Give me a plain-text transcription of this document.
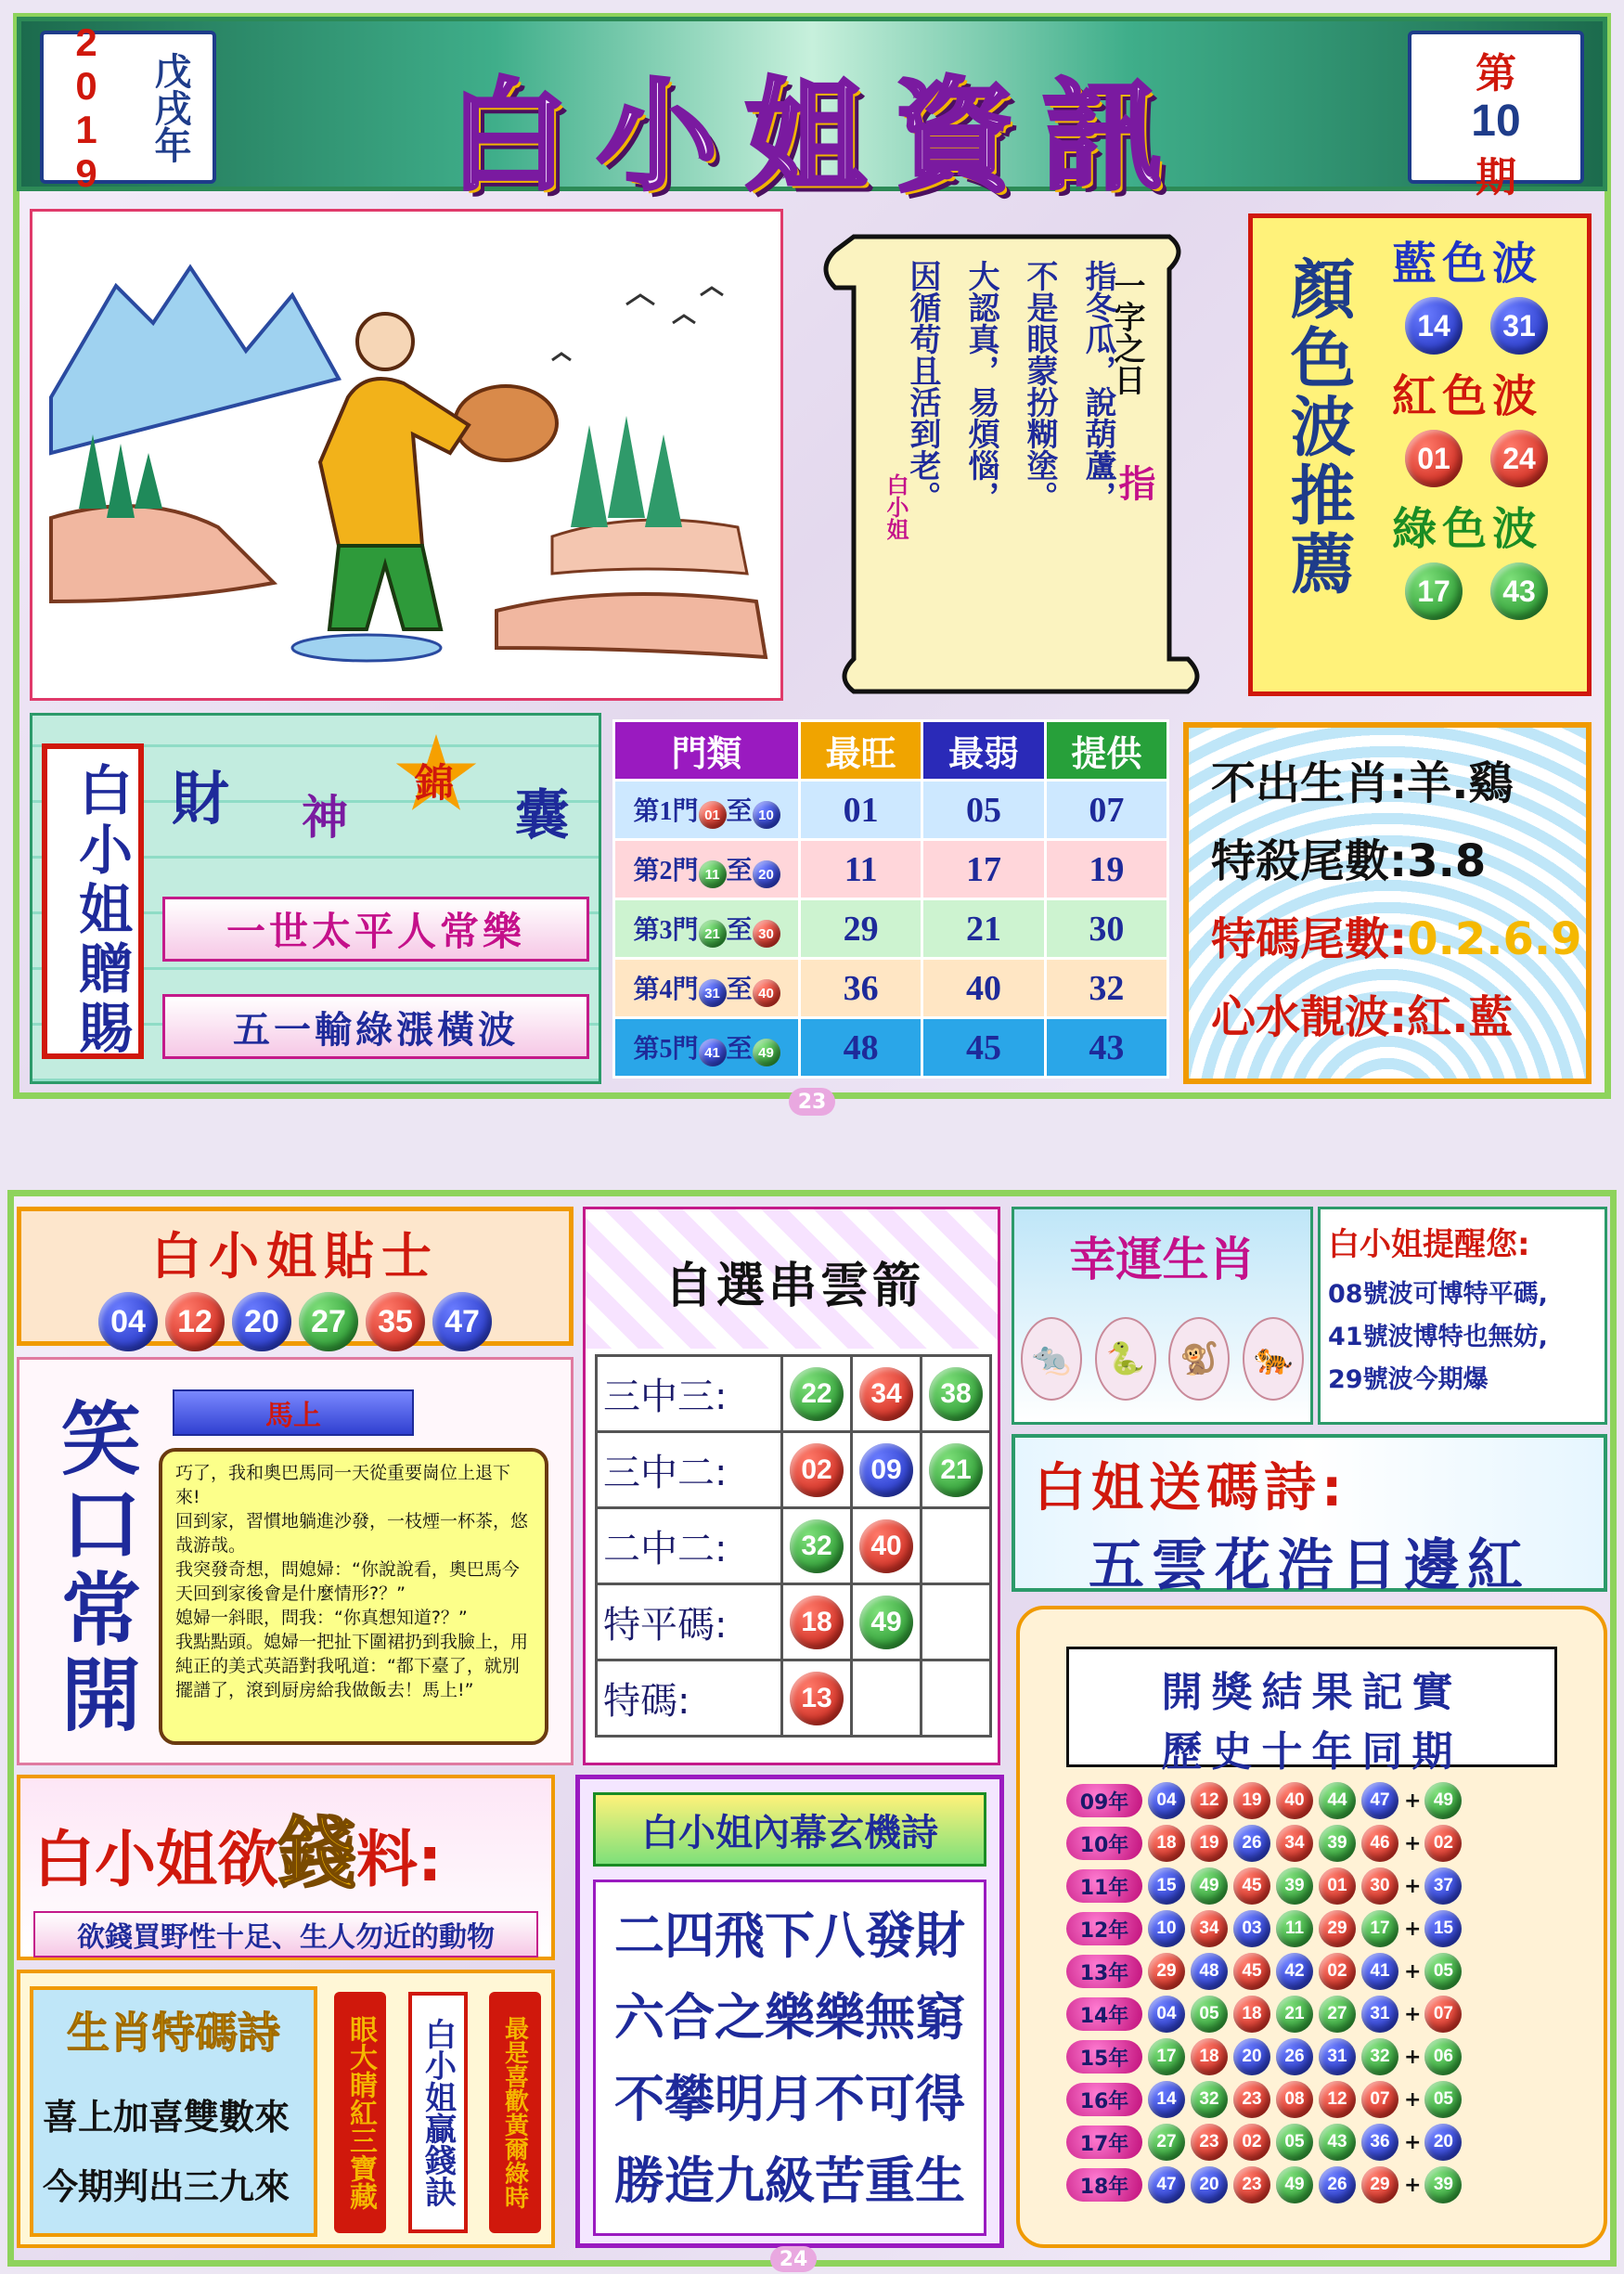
2019	戊戌年	白小姐資訊	第
10
期
一字之日
指
指冬瓜，說葫蘆，
不是眼蒙扮糊塗。
大認真，易煩惱，
因循苟且活到老。
白小姐	顏色波推薦 藍色波
14	31
紅色波
01	24
綠色波
17	43
白小姐贈賜 財 神
錦
囊
一世太平人常樂
五一輸綠漲橫波
門類	最旺	最弱	提供
第1門 01 至 10	01	05	07
第2門 11 至 20	11	17	19
第3門 21 至 30	29	21	30
第4門 31 至 40	36	40	32
第5門 41 至 49	48	45	43
不出生肖:羊.鷄
特殺尾數:3.8
特碼尾數:0.2.6.9
心水靚波:紅.藍
23
白小姐貼士
04	12	20	27	35	47
笑口常開	馬上
巧了，我和奧巴馬同一天從重要崗位上退下來!
回到家，習慣地躺進沙發，一枝煙一杯茶，悠哉游哉。
我突發奇想，問媳婦：“你說說看，奧巴馬今天回到家後會是什麼情形?？”
媳婦一斜眼，問我：“你真想知道?？”
我點點頭。媳婦一把扯下圍裙扔到我臉上，用純正的美式英語對我吼道：“都下臺了，就別擺譜了，滾到厨房給我做飯去！馬上!”
自選串雲箭
三中三:	22	34	38
三中二:	02	09	21
二中二:	32	40	
特平碼:	18	49	
特碼:	13		
幸運生肖
🐀	🐍	🐒	🐅
白小姐提醒您:
08號波可博特平碼,
41號波博特也無妨,
29號波今期爆
白姐送碼詩:
五雲花浩日邊紅
白小姐欲錢料:
欲錢買野性十足、生人勿近的動物
生肖特碼詩
喜上加喜雙數來
今期判出三九來	眼大睛紅三寶藏	白小姐贏錢訣	最是喜歡黃爾綠時
白小姐內幕玄機詩
二四飛下八發財
六合之樂樂無窮
不攀明月不可得
勝造九級苦重生
開獎結果記實
歷史十年同期
09年	04	12	19	40	44	47 + 49
10年	18	19	26	34	39	46 + 02
11年	15	49	45	39	01	30 + 37
12年	10	34	03	11	29	17 + 15
13年	29	48	45	42	02	41 + 05
14年	04	05	18	21	27	31 + 07
15年	17	18	20	26	31	32 + 06
16年	14	32	23	08	12	07 + 05
17年	27	23	02	05	43	36 + 20
18年	47	20	23	49	26	29 + 39
24
